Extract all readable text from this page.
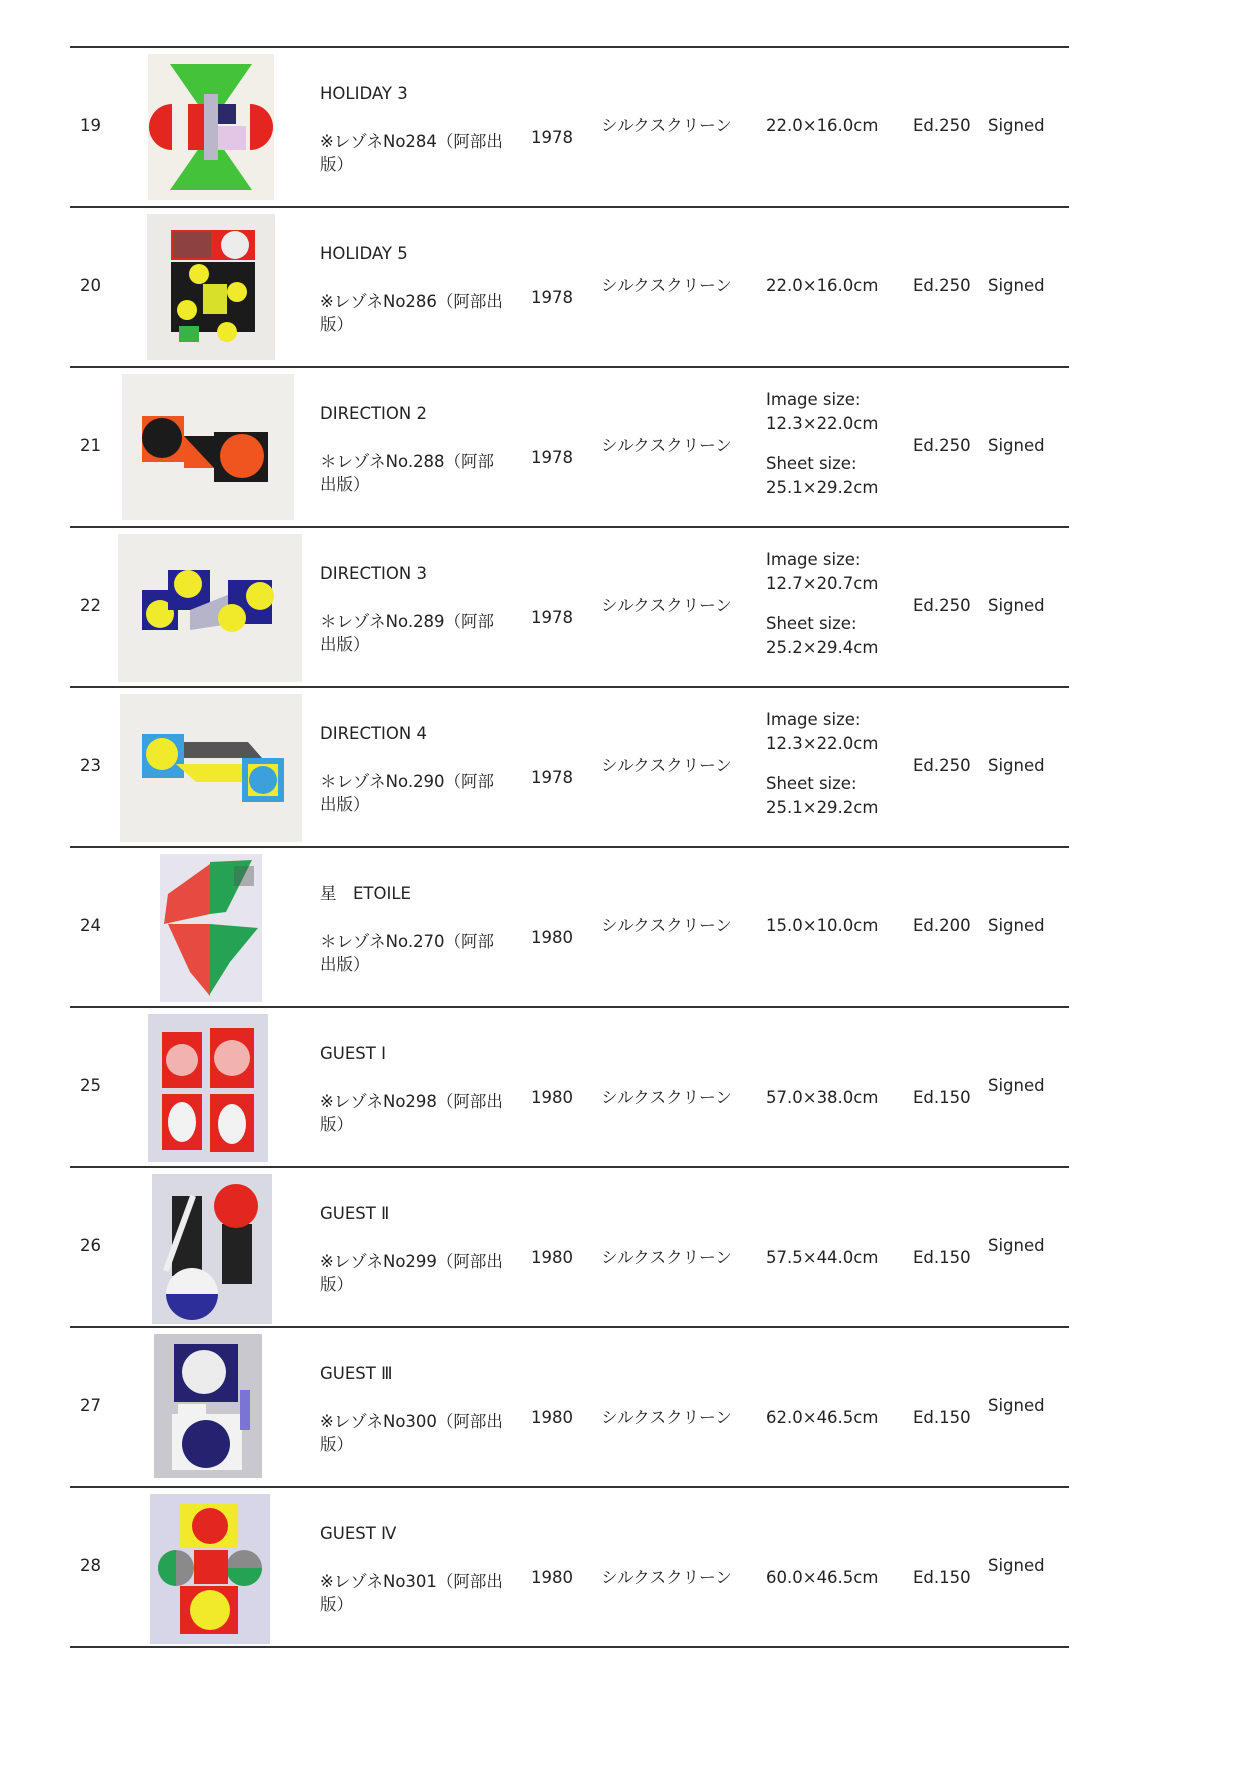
19
HOLIDAY 3
※レゾネNo284（阿部出版）
1978
シルクスクリーン 22.0×16.0cm Ed.250 Signed
20
HOLIDAY 5
※レゾネNo286（阿部出版）
1978
シルクスクリーン 22.0×16.0cm Ed.250 Signed
21
DIRECTION 2
＊レゾネNo.288（阿部出版）
1978
シルクスクリーン
Image size:
12.3×22.0cm
Sheet size:
25.1×29.2cm
Ed.250 Signed
22
DIRECTION 3
＊レゾネNo.289（阿部出版）
1978
シルクスクリーン
Image size:
12.7×20.7cm
Sheet size:
25.2×29.4cm
Ed.250 Signed
23
DIRECTION 4
＊レゾネNo.290（阿部出版）
1978
シルクスクリーン
Image size:
12.3×22.0cm
Sheet size:
25.1×29.2cm
Ed.250 Signed
24
星　ETOILE
＊レゾネNo.270（阿部出版）
1980
シルクスクリーン 15.0×10.0cm Ed.200 Signed
25
GUEST Ⅰ
※レゾネNo298（阿部出版）
1980 シルクスクリーン 57.0×38.0cm Ed.150
Signed
26
GUEST Ⅱ
※レゾネNo299（阿部出版）
1980 シルクスクリーン 57.5×44.0cm Ed.150
Signed
27
GUEST Ⅲ
※レゾネNo300（阿部出版）
1980 シルクスクリーン 62.0×46.5cm Ed.150
Signed
28
GUEST Ⅳ
※レゾネNo301（阿部出版）
1980 シルクスクリーン 60.0×46.5cm Ed.150
Signed
